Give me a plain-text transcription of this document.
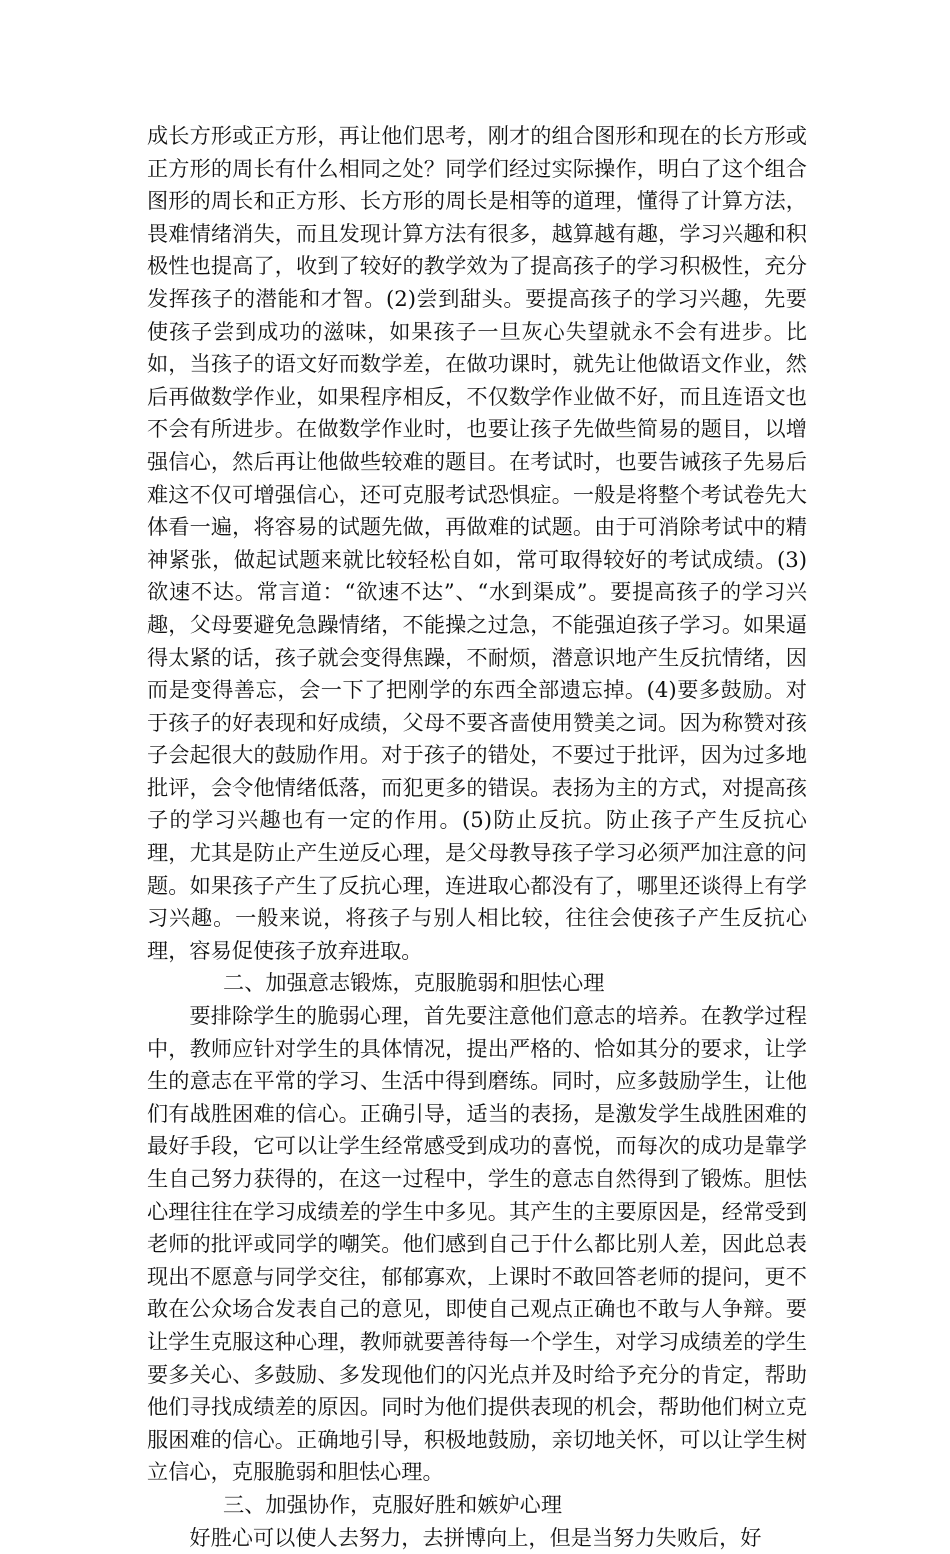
成长方形或正方形，再让他们思考，刚才的组合图形和现在的长方形或正方形的周长有什么相同之处？同学们经过实际操作，明白了这个组合图形的周长和正方形、长方形的周长是相等的道理，懂得了计算方法，畏难情绪消失，而且发现计算方法有很多，越算越有趣，学习兴趣和积极性也提高了，收到了较好的教学效为了提高孩子的学习积极性，充分发挥孩子的潜能和才智。(2)尝到甜头。要提高孩子的学习兴趣，先要使孩子尝到成功的滋味，如果孩子一旦灰心失望就永不会有进步。比如，当孩子的语文好而数学差，在做功课时，就先让他做语文作业，然后再做数学作业，如果程序相反，不仅数学作业做不好，而且连语文也不会有所进步。在做数学作业时，也要让孩子先做些简易的题目，以增强信心，然后再让他做些较难的题目。在考试时，也要告诫孩子先易后难这不仅可增强信心，还可克服考试恐惧症。一般是将整个考试卷先大体看一遍，将容易的试题先做，再做难的试题。由于可消除考试中的精神紧张，做起试题来就比较轻松自如，常可取得较好的考试成绩。(3)欲速不达。常言道：“欲速不达”、“水到渠成”。要提高孩子的学习兴趣，父母要避免急躁情绪，不能操之过急，不能强迫孩子学习。如果逼得太紧的话，孩子就会变得焦躁，不耐烦，潜意识地产生反抗情绪，因而是变得善忘，会一下了把刚学的东西全部遗忘掉。(4)要多鼓励。对于孩子的好表现和好成绩，父母不要吝啬使用赞美之词。因为称赞对孩子会起很大的鼓励作用。对于孩子的错处，不要过于批评，因为过多地批评，会令他情绪低落，而犯更多的错误。表扬为主的方式，对提高孩子的学习兴趣也有一定的作用。(5)防止反抗。防止孩子产生反抗心理，尤其是防止产生逆反心理，是父母教导孩子学习必须严加注意的问题。如果孩子产生了反抗心理，连进取心都没有了，哪里还谈得上有学习兴趣。一般来说，将孩子与别人相比较，往往会使孩子产生反抗心理，容易促使孩子放弃进取。

二、加强意志锻炼，克服脆弱和胆怯心理

要排除学生的脆弱心理，首先要注意他们意志的培养。在教学过程中，教师应针对学生的具体情况，提出严格的、恰如其分的要求，让学生的意志在平常的学习、生活中得到磨练。同时，应多鼓励学生，让他们有战胜困难的信心。正确引导，适当的表扬，是激发学生战胜困难的最好手段，它可以让学生经常感受到成功的喜悦，而每次的成功是靠学生自己努力获得的，在这一过程中，学生的意志自然得到了锻炼。胆怯心理往往在学习成绩差的学生中多见。其产生的主要原因是，经常受到老师的批评或同学的嘲笑。他们感到自己于什么都比别人差，因此总表现出不愿意与同学交往，郁郁寡欢，上课时不敢回答老师的提问，更不敢在公众场合发表自己的意见，即使自己观点正确也不敢与人争辩。要让学生克服这种心理，教师就要善待每一个学生，对学习成绩差的学生要多关心、多鼓励、多发现他们的闪光点并及时给予充分的肯定，帮助他们寻找成绩差的原因。同时为他们提供表现的机会，帮助他们树立克服困难的信心。正确地引导，积极地鼓励，亲切地关怀，可以让学生树立信心，克服脆弱和胆怯心理。

三、加强协作，克服好胜和嫉妒心理

好胜心可以使人去努力，去拼博向上，但是当努力失败后，好
